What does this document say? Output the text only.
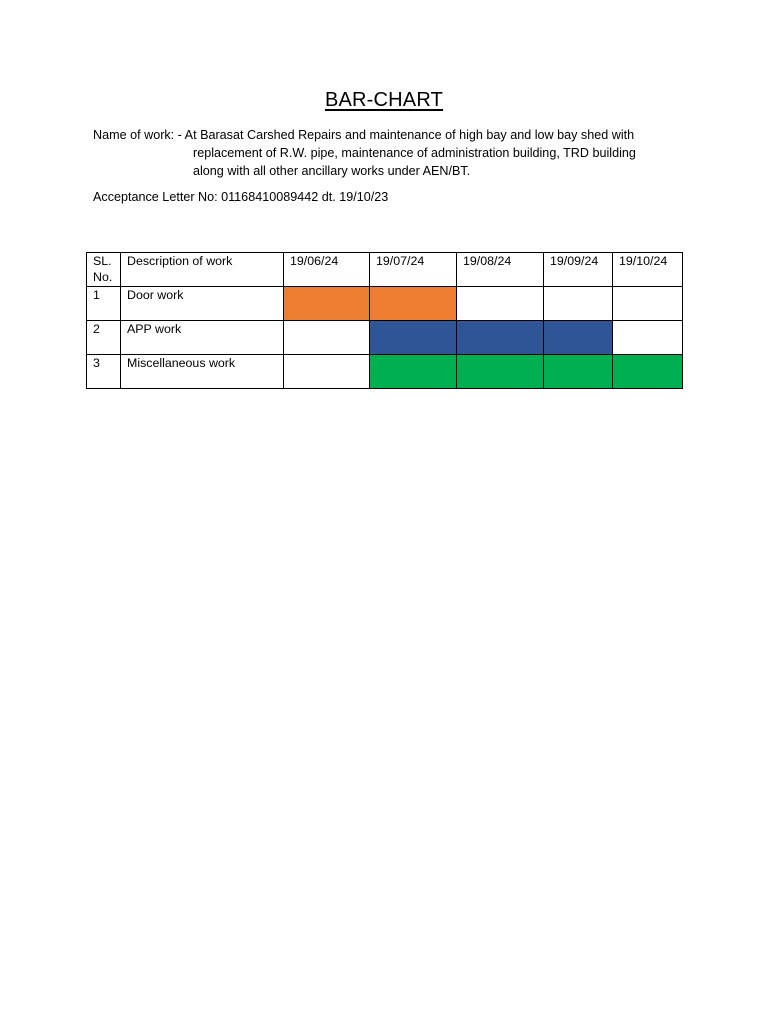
BAR-CHART
Name of work: - At Barasat Carshed Repairs and maintenance of high bay and low bay shed with
replacement of R.W. pipe, maintenance of administration building, TRD building
along with all other ancillary works under AEN/BT.
Acceptance Letter No: 01168410089442 dt. 19/10/23
SL. No.	Description of work	19/06/24	19/07/24	19/08/24	19/09/24	19/10/24
1	Door work					
2	APP work					
3	Miscellaneous work					
